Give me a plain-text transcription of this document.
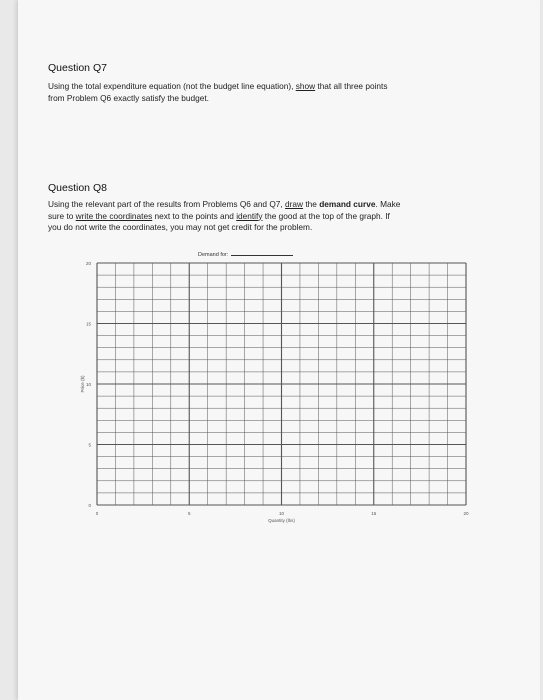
Question Q7
Using the total expenditure equation (not the budget line equation), show that all three points
from Problem Q6 exactly satisfy the budget.
Question Q8
Using the relevant part of the results from Problems Q6 and Q7, draw the demand curve. Make
sure to write the coordinates next to the points and identify the good at the top of the graph. If
you do not write the coordinates, you may not get credit for the problem.
Demand for:
20
15
10
5
0
0	5	10	15	20
Quantity (lbs)
Price ($)
